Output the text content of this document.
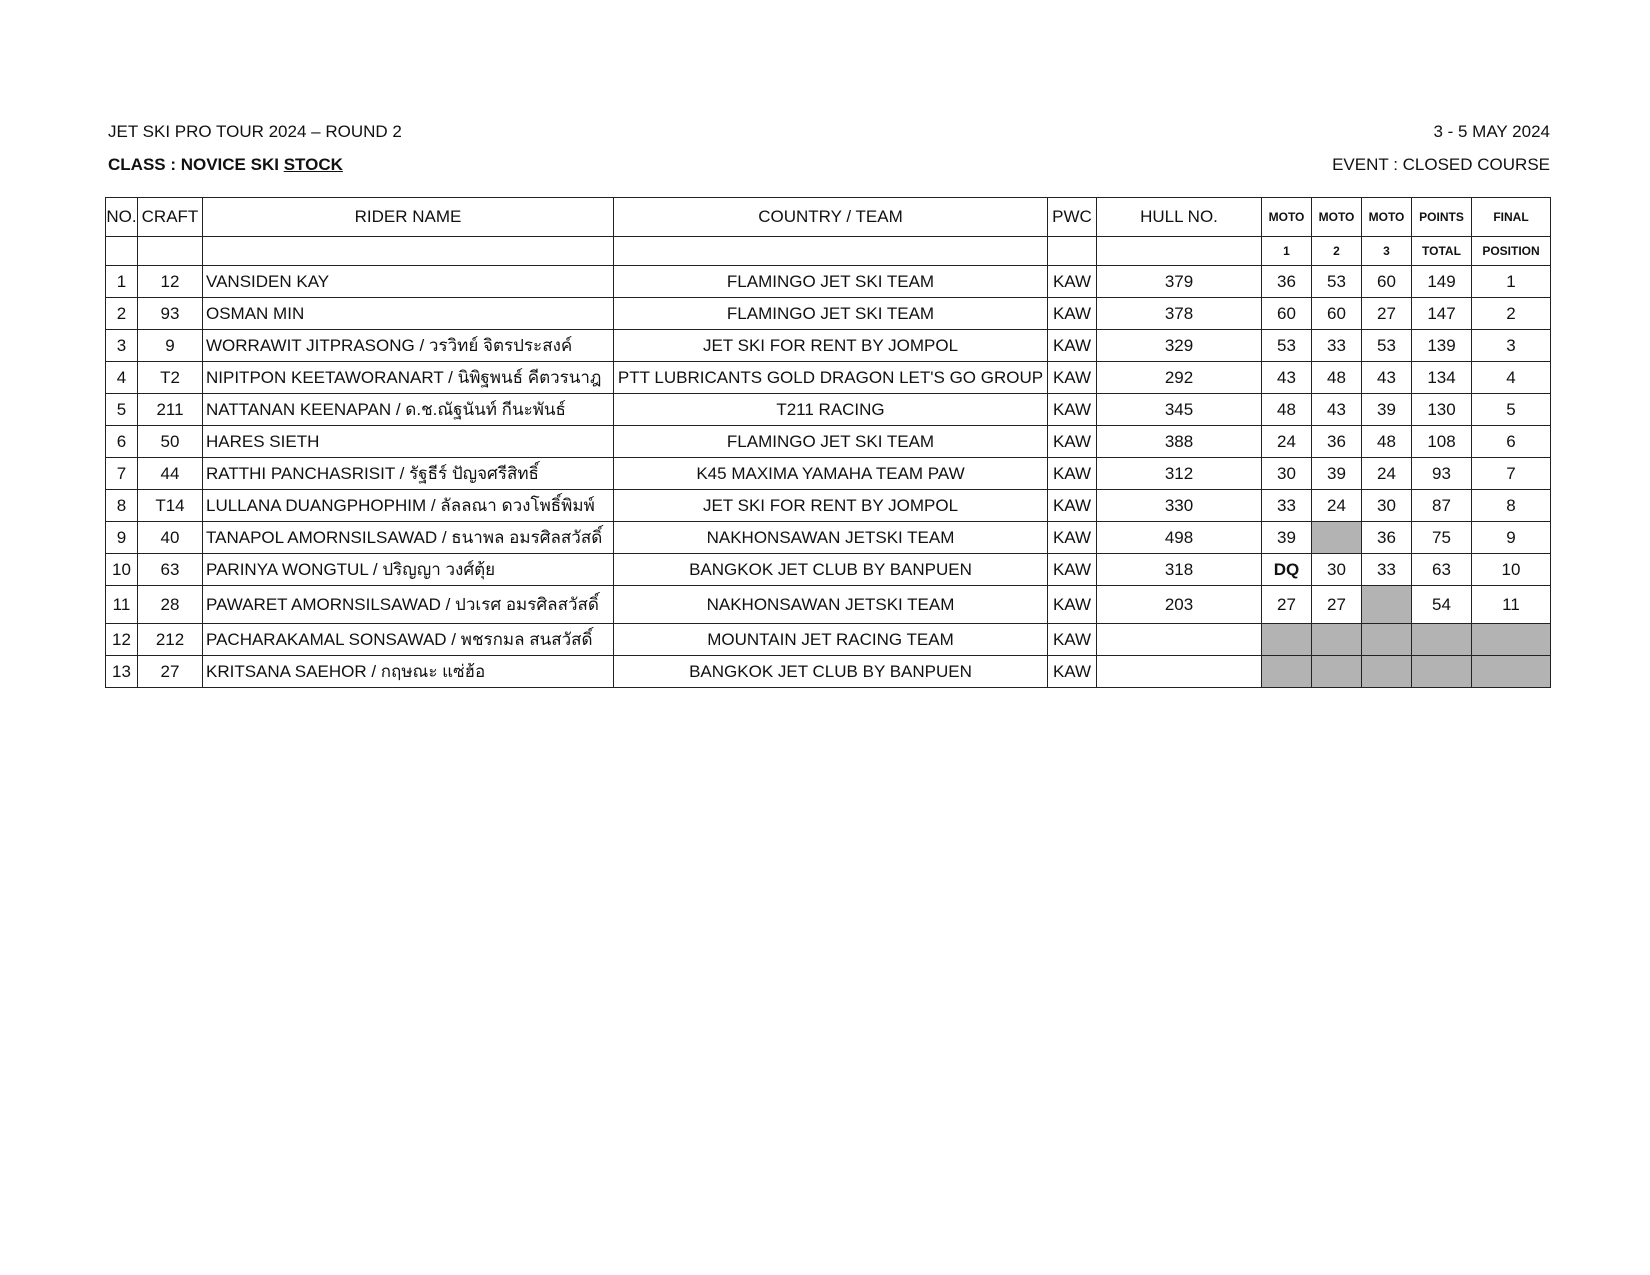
JET SKI PRO TOUR 2024 – ROUND 2	3 - 5 MAY 2024
CLASS : NOVICE SKI STOCK	EVENT : CLOSED COURSE
NO.	CRAFT	RIDER NAME	COUNTRY / TEAM	PWC	HULL NO.	MOTO	MOTO	MOTO	POINTS	FINAL
						1	2	3	TOTAL	POSITION
1	12	VANSIDEN KAY	FLAMINGO JET SKI TEAM	KAW	379	36	53	60	149	1
2	93	OSMAN MIN	FLAMINGO JET SKI TEAM	KAW	378	60	60	27	147	2
3	9	WORRAWIT JITPRASONG / วรวิทย์ จิตรประสงค์	JET SKI FOR RENT BY JOMPOL	KAW	329	53	33	53	139	3
4	T2	NIPITPON KEETAWORANART / นิพิฐพนธ์ คีตวรนาฎ	PTT LUBRICANTS GOLD DRAGON LET'S GO GROUP	KAW	292	43	48	43	134	4
5	211	NATTANAN KEENAPAN / ด.ช.ณัฐนันท์ กีนะพันธ์	T211 RACING	KAW	345	48	43	39	130	5
6	50	HARES SIETH	FLAMINGO JET SKI TEAM	KAW	388	24	36	48	108	6
7	44	RATTHI PANCHASRISIT / รัฐธีร์ ปัญจศรีสิทธิ์	K45 MAXIMA YAMAHA TEAM PAW	KAW	312	30	39	24	93	7
8	T14	LULLANA DUANGPHOPHIM / ลัลลณา ดวงโพธิ์พิมพ์	JET SKI FOR RENT BY JOMPOL	KAW	330	33	24	30	87	8
9	40	TANAPOL AMORNSILSAWAD / ธนาพล อมรศิลสวัสดิ์	NAKHONSAWAN JETSKI TEAM	KAW	498	39		36	75	9
10	63	PARINYA WONGTUL / ปริญญา วงศ์ตุ้ย	BANGKOK JET CLUB BY BANPUEN	KAW	318	DQ	30	33	63	10
11	28	PAWARET AMORNSILSAWAD / ปวเรศ อมรศิลสวัสดิ์	NAKHONSAWAN JETSKI TEAM	KAW	203	27	27		54	11
12	212	PACHARAKAMAL SONSAWAD / พชรกมล สนสวัสดิ์	MOUNTAIN JET RACING TEAM	KAW						
13	27	KRITSANA SAEHOR / กฤษณะ แซ่ฮ้อ	BANGKOK JET CLUB BY BANPUEN	KAW						
